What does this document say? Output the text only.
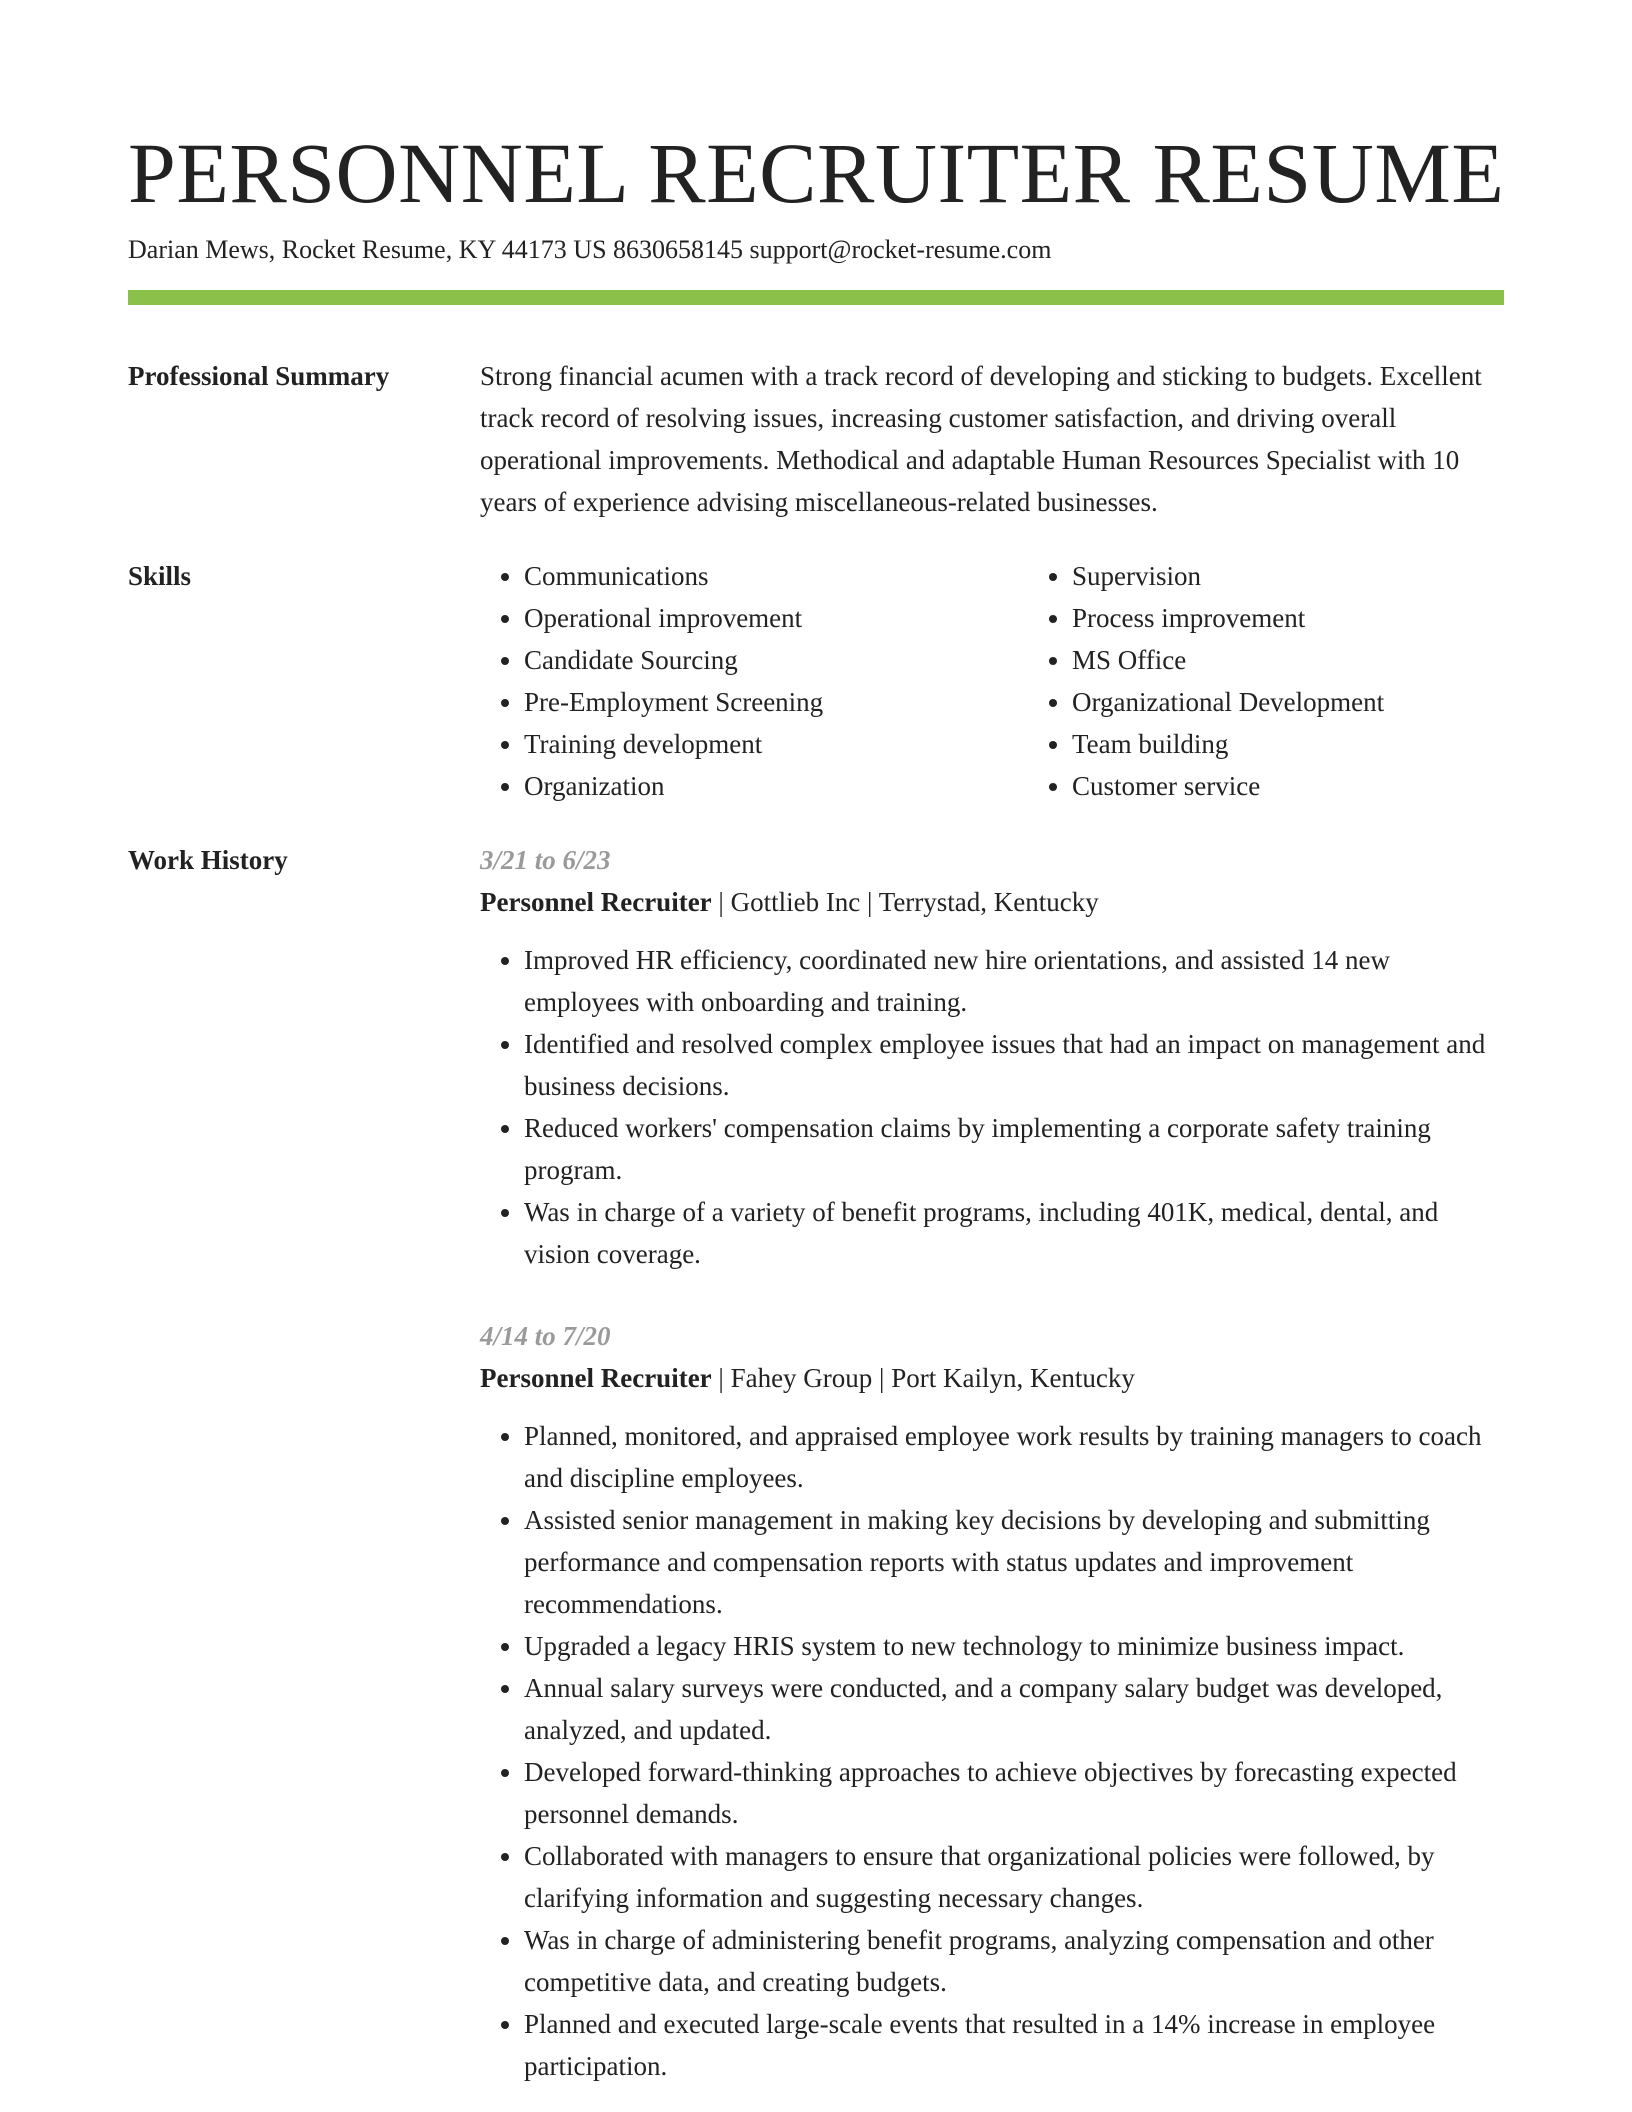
PERSONNEL RECRUITER RESUME
Darian Mews, Rocket Resume, KY 44173 US 8630658145 support@rocket-resume.com
Professional Summary	Strong financial acumen with a track record of developing and sticking to budgets. Excellent track record of resolving issues, increasing customer satisfaction, and driving overall operational improvements. Methodical and adaptable Human Resources Specialist with 10 years of experience advising miscellaneous-related businesses.
Skills
•	Communications
• Operational improvement
• Candidate Sourcing
• Pre-Employment Screening
• Training development
• Organization
• Supervision
• Process improvement
• MS Office
• Organizational Development
• Team building
• Customer service
Work History	3/21 to 6/23
Personnel Recruiter | Gottlieb Inc | Terrystad, Kentucky
• Improved HR efficiency, coordinated new hire orientations, and assisted 14 new employees with onboarding and training.
• Identified and resolved complex employee issues that had an impact on management and business decisions.
• Reduced workers' compensation claims by implementing a corporate safety training program.
• Was in charge of a variety of benefit programs, including 401K, medical, dental, and vision coverage.
4/14 to 7/20
Personnel Recruiter | Fahey Group | Port Kailyn, Kentucky
• Planned, monitored, and appraised employee work results by training managers to coach and discipline employees.
• Assisted senior management in making key decisions by developing and submitting performance and compensation reports with status updates and improvement recommendations.
• Upgraded a legacy HRIS system to new technology to minimize business impact.
• Annual salary surveys were conducted, and a company salary budget was developed, analyzed, and updated.
• Developed forward-thinking approaches to achieve objectives by forecasting expected personnel demands.
• Collaborated with managers to ensure that organizational policies were followed, by clarifying information and suggesting necessary changes.
• Was in charge of administering benefit programs, analyzing compensation and other competitive data, and creating budgets.
• Planned and executed large-scale events that resulted in a 14% increase in employee participation.
